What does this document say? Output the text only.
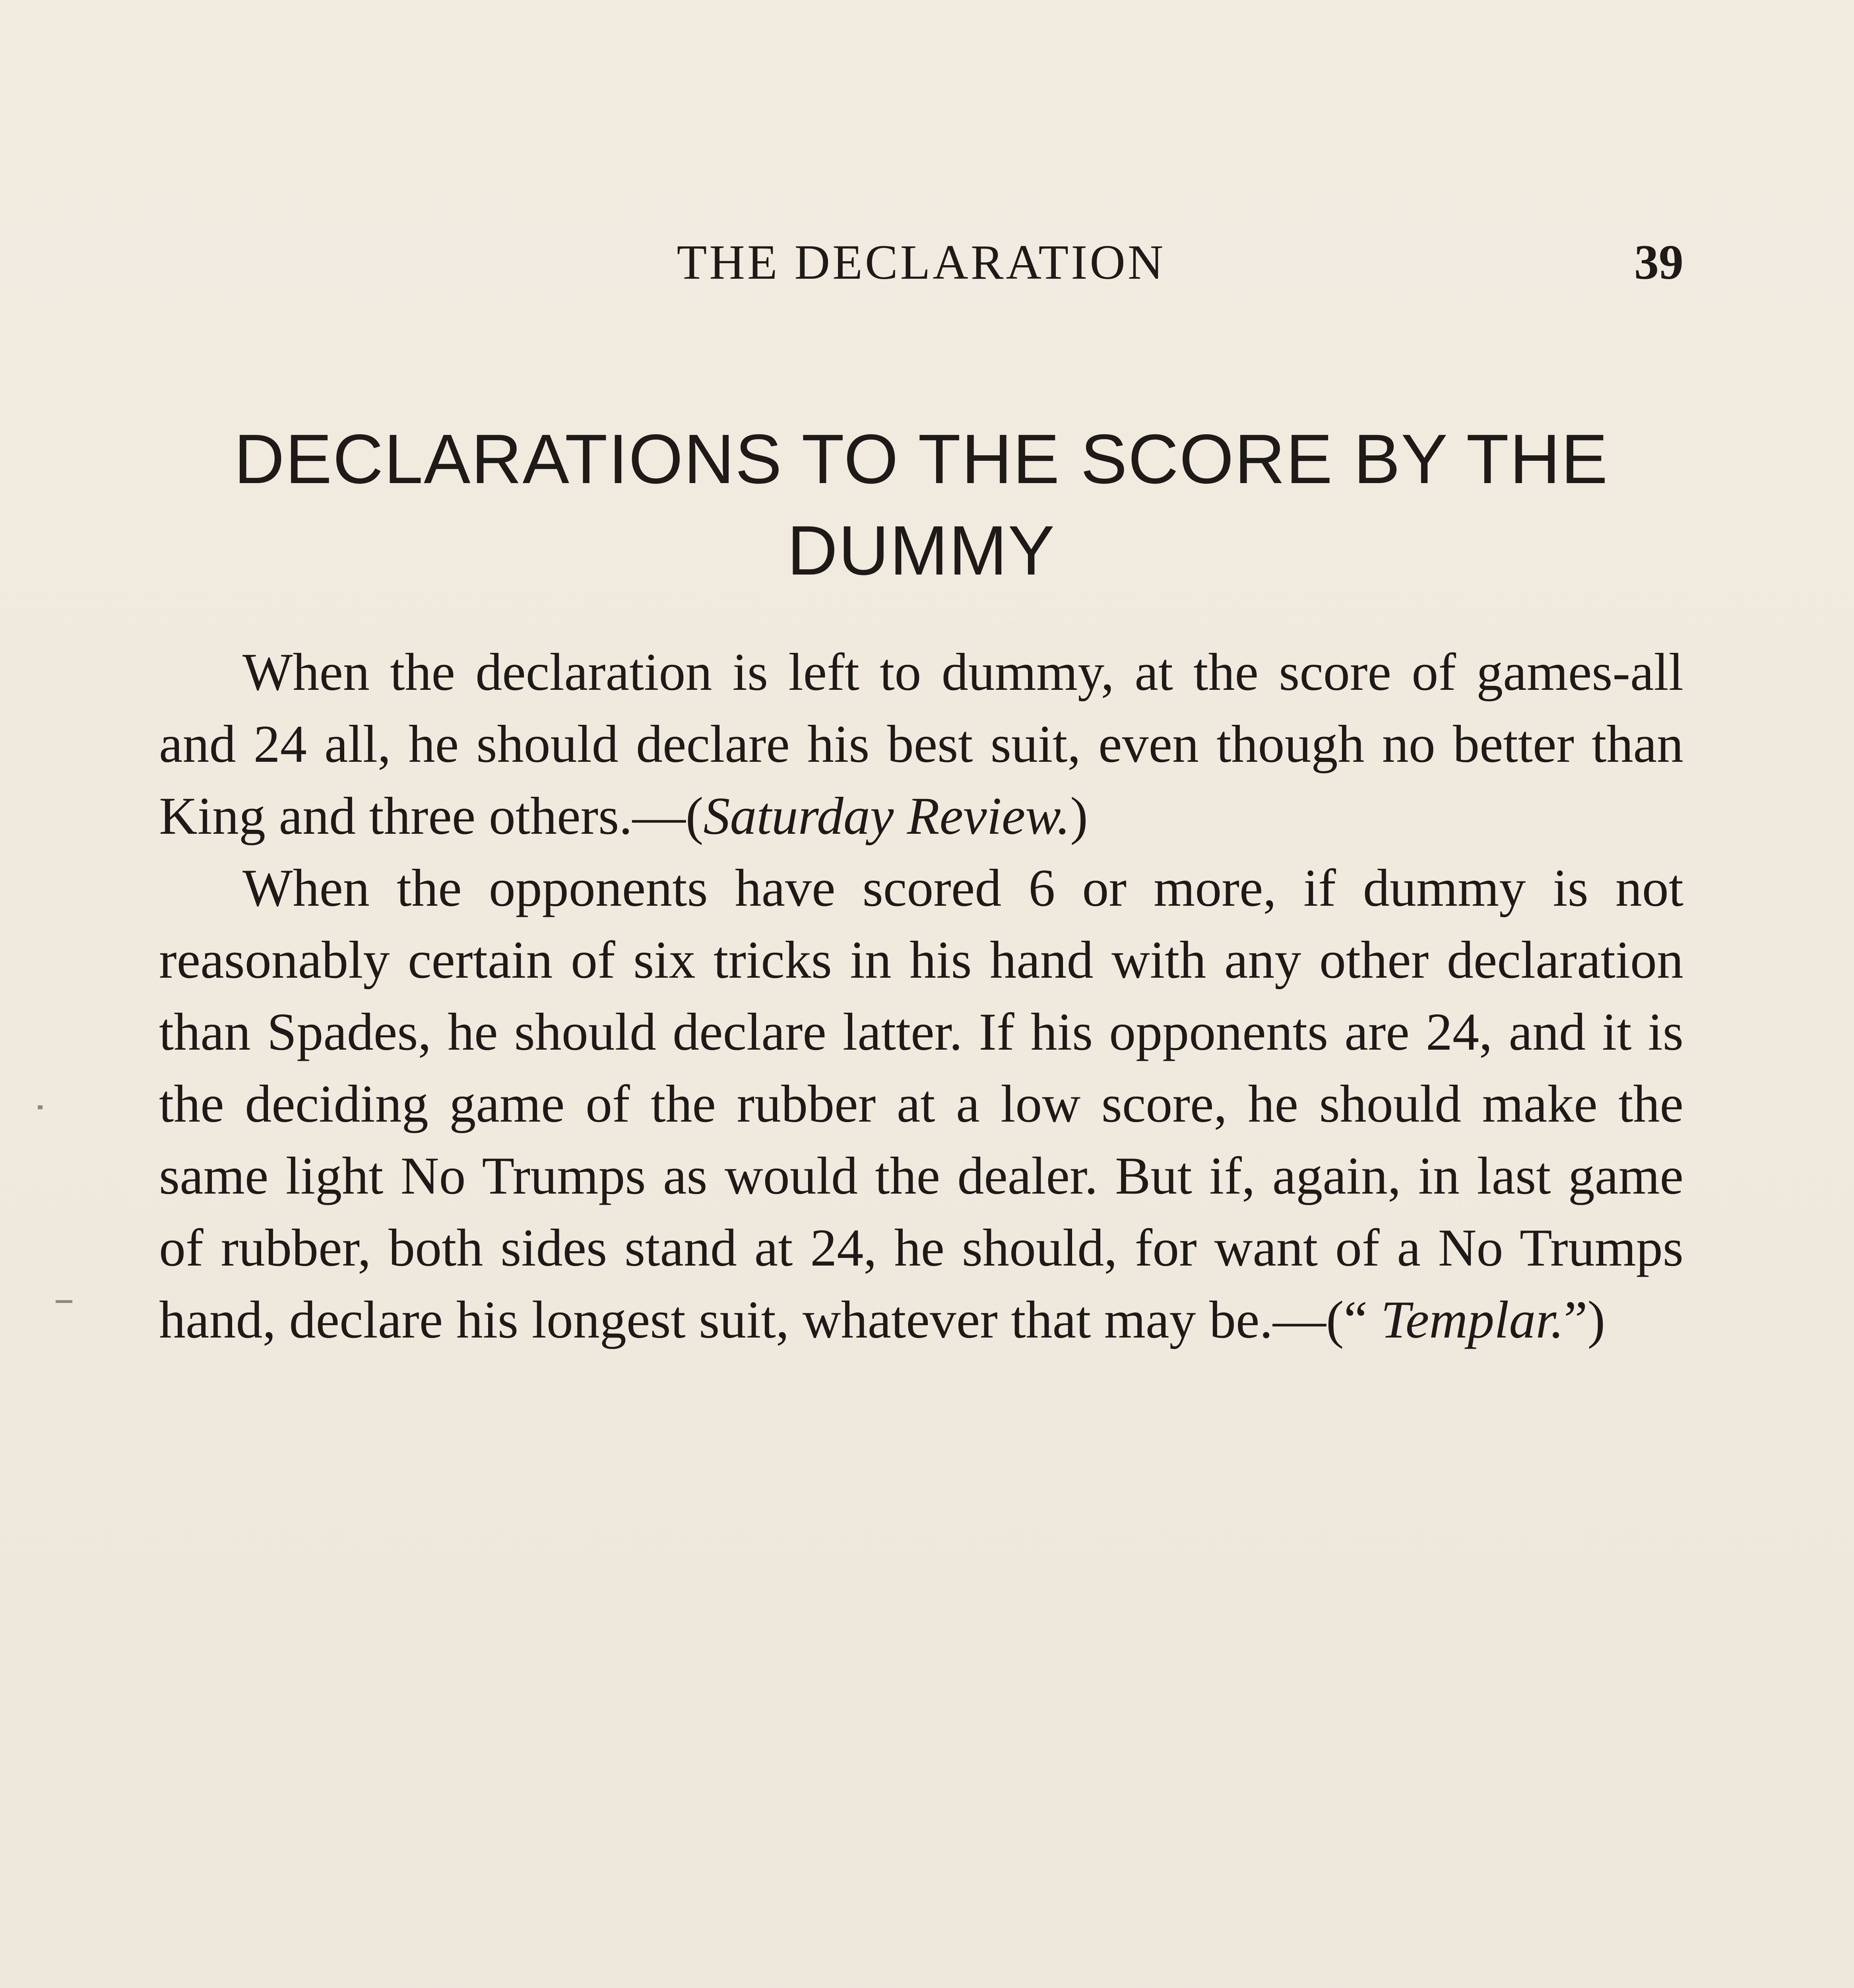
THE DECLARATION	39
DECLARATIONS TO THE SCORE BY THE DUMMY

When the declaration is left to dummy, at the score of games-all and 24 all, he should declare his best suit, even though no better than King and three others.—(Saturday Review.)

When the opponents have scored 6 or more, if dummy is not reasonably certain of six tricks in his hand with any other declaration than Spades, he should declare latter. If his opponents are 24, and it is the deciding game of the rubber at a low score, he should make the same light No Trumps as would the dealer. But if, again, in last game of rubber, both sides stand at 24, he should, for want of a No Trumps hand, declare his longest suit, whatever that may be.—(“ Templar.”)
